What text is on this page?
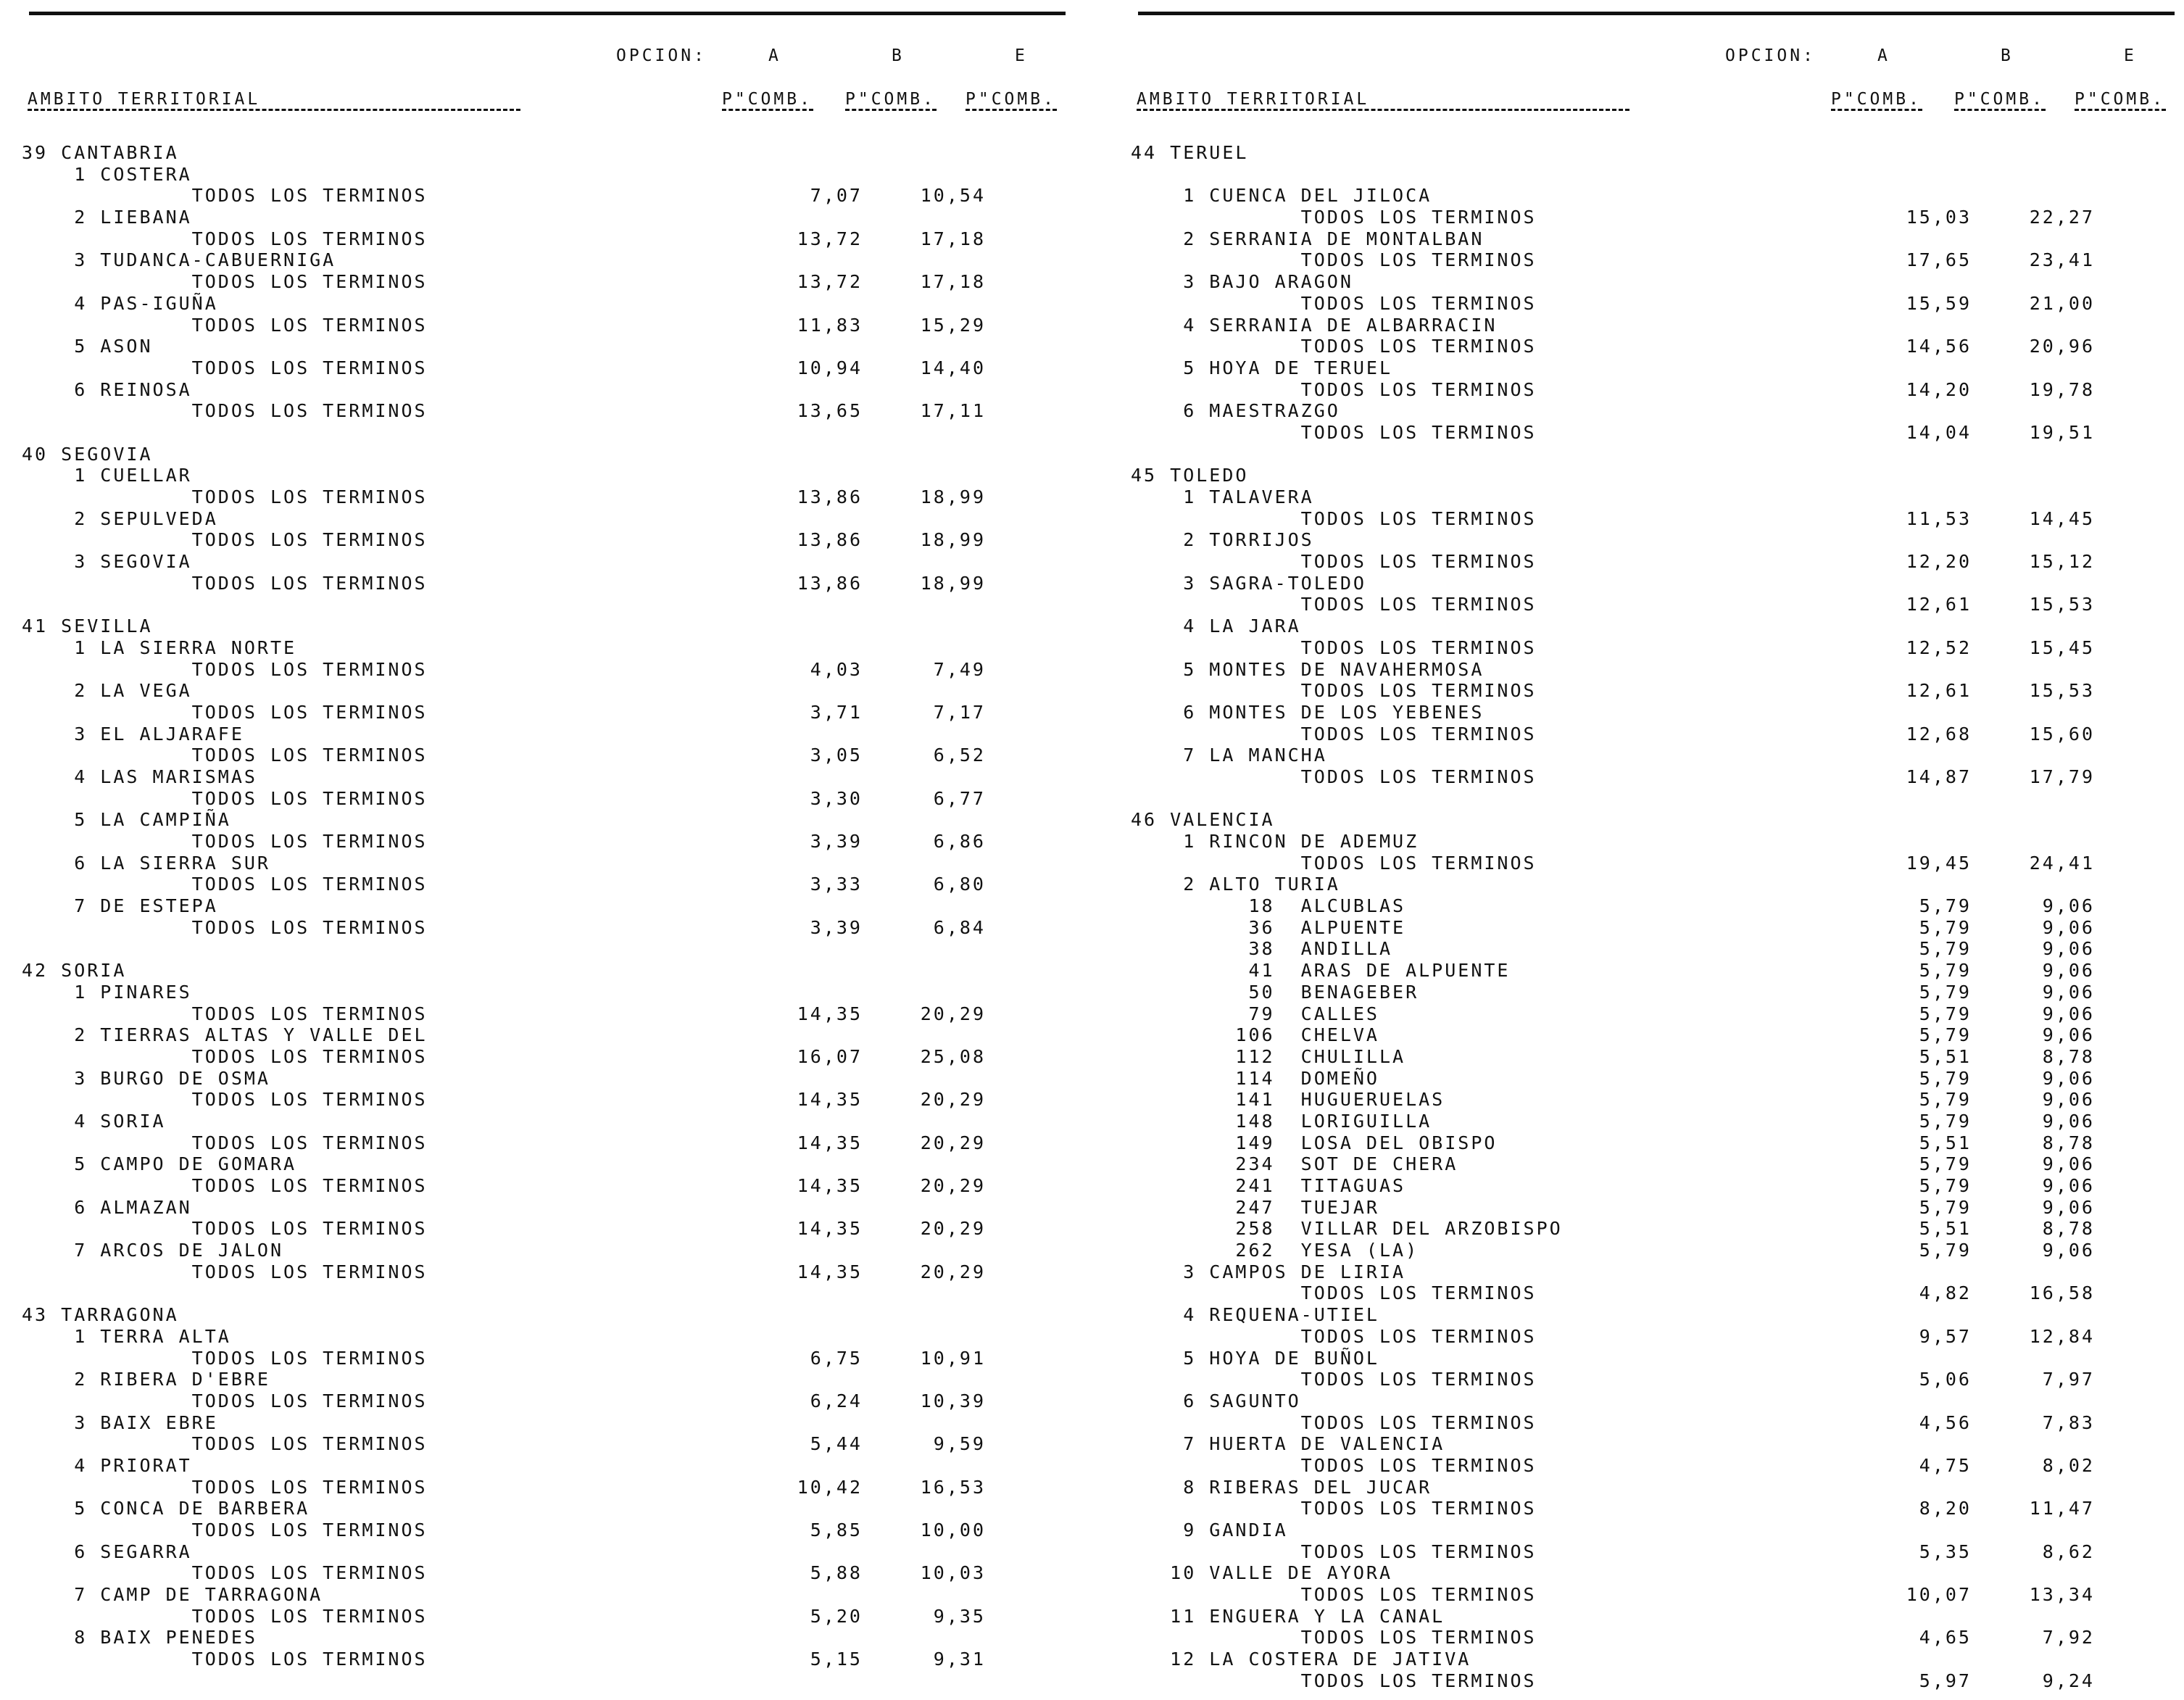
OPCION:	A	B	E
AMBITO TERRITORIAL	P"COMB. P"COMB. P"COMB.
39 CANTABRIA
1 COSTERA
TODOS LOS TERMINOS	7,07	10,54
2 LIEBANA
TODOS LOS TERMINOS	13,72	17,18
3 TUDANCA-CABUERNIGA
TODOS LOS TERMINOS	13,72	17,18
4 PAS-IGUÑA
TODOS LOS TERMINOS	11,83	15,29
5 ASON
TODOS LOS TERMINOS	10,94	14,40
6 REINOSA
TODOS LOS TERMINOS	13,65	17,11
40 SEGOVIA
1 CUELLAR
TODOS LOS TERMINOS	13,86	18,99
2 SEPULVEDA
TODOS LOS TERMINOS	13,86	18,99
3 SEGOVIA
TODOS LOS TERMINOS	13,86	18,99
41 SEVILLA
1 LA SIERRA NORTE
TODOS LOS TERMINOS	4,03	7,49
2 LA VEGA
TODOS LOS TERMINOS	3,71	7,17
3 EL ALJARAFE
TODOS LOS TERMINOS	3,05	6,52
4 LAS MARISMAS
TODOS LOS TERMINOS	3,30	6,77
5 LA CAMPIÑA
TODOS LOS TERMINOS	3,39	6,86
6 LA SIERRA SUR
TODOS LOS TERMINOS	3,33	6,80
7 DE ESTEPA
TODOS LOS TERMINOS	3,39	6,84
42 SORIA
1 PINARES
TODOS LOS TERMINOS	14,35	20,29
2 TIERRAS ALTAS Y VALLE DEL
TODOS LOS TERMINOS	16,07	25,08
3 BURGO DE OSMA
TODOS LOS TERMINOS	14,35	20,29
4 SORIA
TODOS LOS TERMINOS	14,35	20,29
5 CAMPO DE GOMARA
TODOS LOS TERMINOS	14,35	20,29
6 ALMAZAN
TODOS LOS TERMINOS	14,35	20,29
7 ARCOS DE JALON
TODOS LOS TERMINOS	14,35	20,29
43 TARRAGONA
1 TERRA ALTA
TODOS LOS TERMINOS	6,75	10,91
2 RIBERA D'EBRE
TODOS LOS TERMINOS	6,24	10,39
3 BAIX EBRE
TODOS LOS TERMINOS	5,44	9,59
4 PRIORAT
TODOS LOS TERMINOS	10,42	16,53
5 CONCA DE BARBERA
TODOS LOS TERMINOS	5,85	10,00
6 SEGARRA
TODOS LOS TERMINOS	5,88	10,03
7 CAMP DE TARRAGONA
TODOS LOS TERMINOS	5,20	9,35
8 BAIX PENEDES
TODOS LOS TERMINOS	5,15	9,31
OPCION:	A	B	E
AMBITO TERRITORIAL	P"COMB. P"COMB. P"COMB.
44 TERUEL
1 CUENCA DEL JILOCA
TODOS LOS TERMINOS	15,03	22,27
2 SERRANIA DE MONTALBAN
TODOS LOS TERMINOS	17,65	23,41
3 BAJO ARAGON
TODOS LOS TERMINOS	15,59	21,00
4 SERRANIA DE ALBARRACIN
TODOS LOS TERMINOS	14,56	20,96
5 HOYA DE TERUEL
TODOS LOS TERMINOS	14,20	19,78
6 MAESTRAZGO
TODOS LOS TERMINOS	14,04	19,51
45 TOLEDO
1 TALAVERA
TODOS LOS TERMINOS	11,53	14,45
2 TORRIJOS
TODOS LOS TERMINOS	12,20	15,12
3 SAGRA-TOLEDO
TODOS LOS TERMINOS	12,61	15,53
4 LA JARA
TODOS LOS TERMINOS	12,52	15,45
5 MONTES DE NAVAHERMOSA
TODOS LOS TERMINOS	12,61	15,53
6 MONTES DE LOS YEBENES
TODOS LOS TERMINOS	12,68	15,60
7 LA MANCHA
TODOS LOS TERMINOS	14,87	17,79
46 VALENCIA
1 RINCON DE ADEMUZ
TODOS LOS TERMINOS	19,45	24,41
2 ALTO TURIA
18  ALCUBLAS	5,79	9,06
36  ALPUENTE	5,79	9,06
38  ANDILLA	5,79	9,06
41  ARAS DE ALPUENTE	5,79	9,06
50  BENAGEBER	5,79	9,06
79  CALLES	5,79	9,06
106  CHELVA	5,79	9,06
112  CHULILLA	5,51	8,78
114  DOMEÑO	5,79	9,06
141  HUGUERUELAS	5,79	9,06
148  LORIGUILLA	5,79	9,06
149  LOSA DEL OBISPO	5,51	8,78
234  SOT DE CHERA	5,79	9,06
241  TITAGUAS	5,79	9,06
247  TUEJAR	5,79	9,06
258  VILLAR DEL ARZOBISPO	5,51	8,78
262  YESA (LA)	5,79	9,06
3 CAMPOS DE LIRIA
TODOS LOS TERMINOS	4,82	16,58
4 REQUENA-UTIEL
TODOS LOS TERMINOS	9,57	12,84
5 HOYA DE BUÑOL
TODOS LOS TERMINOS	5,06	7,97
6 SAGUNTO
TODOS LOS TERMINOS	4,56	7,83
7 HUERTA DE VALENCIA
TODOS LOS TERMINOS	4,75	8,02
8 RIBERAS DEL JUCAR
TODOS LOS TERMINOS	8,20	11,47
9 GANDIA
TODOS LOS TERMINOS	5,35	8,62
10 VALLE DE AYORA
TODOS LOS TERMINOS	10,07	13,34
11 ENGUERA Y LA CANAL
TODOS LOS TERMINOS	4,65	7,92
12 LA COSTERA DE JATIVA
TODOS LOS TERMINOS	5,97	9,24
